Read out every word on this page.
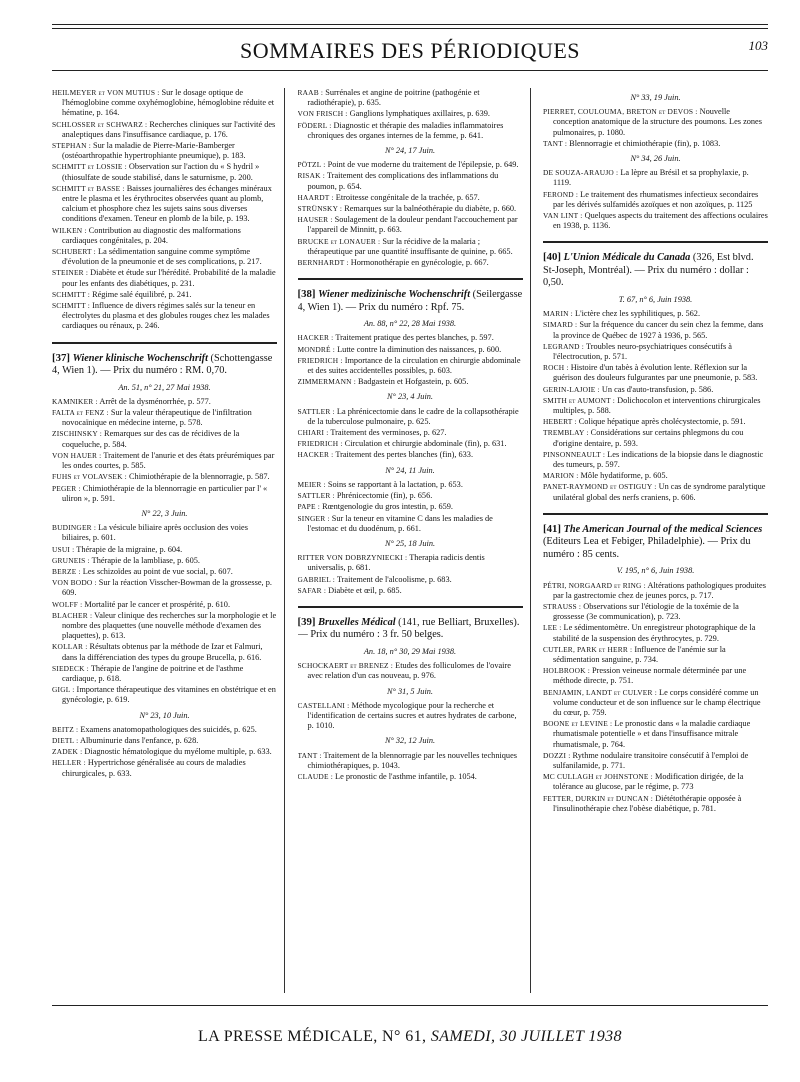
SOMMAIRES DES PÉRIODIQUES	103
HEILMEYER et VON MUTIUS : Sur le dosage optique de l'hémoglobine comme oxyhémoglobine, hémoglobine réduite et hématine, p. 164.
SCHLOSSER et SCHWARZ : Recherches cliniques sur l'activité des analeptiques dans l'insuffisance cardiaque, p. 176.
STEPHAN : Sur la maladie de Pierre-Marie-Bamberger (ostéoarthropathie hypertrophiante pneumique), p. 183.
SCHMITT et LOSSIE : Observation sur l'action du « S hydril » (thiosulfate de soude stabilisé, dans le saturnisme, p. 200.
SCHMITT et BASSE : Baisses journalières des échanges minéraux entre le plasma et les érythrocites observées quant au plomb, calcium et phosphore chez les sujets sains sous diverses conditions d'examen. Teneur en plomb de la bile, p. 193.
WILKEN : Contribution au diagnostic des malformations cardiaques congénitales, p. 204.
SCHUBERT : La sédimentation sanguine comme symptôme d'évolution de la pneumonie et de ses complications, p. 217.
STEINER : Diabète et étude sur l'hérédité. Probabilité de la maladie pour les enfants des diabétiques, p. 231.
SCHMITT : Régime salé équilibré, p. 241.
SCHMITT : Influence de divers régimes salés sur la teneur en électrolytes du plasma et des globules rouges chez les malades cardiaques ou rénaux, p. 246.
[37] Wiener klinische Wochenschrift (Schottengasse 4, Wien 1). — Prix du numéro : RM. 0,70.
An. 51, n° 21, 27 Mai 1938.
KAMNIKER : Arrêt de la dysménorrhée, p. 577.
FALTA et FENZ : Sur la valeur thérapeutique de l'infiltration novocaïnique en médecine interne, p. 578.
ZISCHINSKY : Remarques sur des cas de récidives de la coqueluche, p. 584.
VON HAUER : Traitement de l'anurie et des états préurémiques par les ondes courtes, p. 585.
FUHS et VOLAVSEK : Chimiothérapie de la blennorragie, p. 587.
PEGER : Chimiothérapie de la blennorragie en particulier par l' « uliron », p. 591.
N° 22, 3 Juin.
BUDINGER : La vésicule biliaire après occlusion des voies biliaires, p. 601.
USUI : Thérapie de la migraine, p. 604.
GRUNEIS : Thérapie de la lambliase, p. 605.
BERZE : Les schizoïdes au point de vue social, p. 607.
VON BODO : Sur la réaction Visscher-Bowman de la grossesse, p. 609.
WOLFF : Mortalité par le cancer et prospérité, p. 610.
BLACHER : Valeur clinique des recherches sur la morphologie et le nombre des plaquettes (une nouvelle méthode d'examen des plaquettes), p. 613.
KOLLAR : Résultats obtenus par la méthode de Izar et Falmuri, dans la différenciation des types du groupe Brucella, p. 616.
SIEDECK : Thérapie de l'angine de poitrine et de l'asthme cardiaque, p. 618.
GIGL : Importance thérapeutique des vitamines en obstétrique et en gynécologie, p. 619.
N° 23, 10 Juin.
BEITZ : Examens anatomopathologiques des suicidés, p. 625.
DIETL : Albuminurie dans l'enfance, p. 628.
ZADEK : Diagnostic hématologique du myélome multiple, p. 633.
HELLER : Hypertrichose généralisée au cours de maladies chirurgicales, p. 633.
RAAB : Surrénales et angine de poitrine (pathogénie et radiothérapie), p. 635.
VON FRISCH : Ganglions lymphatiques axillaires, p. 639.
FÖDERL : Diagnostic et thérapie des maladies inflammatoires chroniques des organes internes de la femme, p. 641.
N° 24, 17 Juin.
PÖTZL : Point de vue moderne du traitement de l'épilepsie, p. 649.
RISAK : Traitement des complications des inflammations du poumon, p. 654.
HAARDT : Etroitesse congénitale de la trachée, p. 657.
STRÜNSKY : Remarques sur la balnéothérapie du diabète, p. 660.
HAUSER : Soulagement de la douleur pendant l'accouchement par l'appareil de Minnitt, p. 663.
BRUCKE et LONAUER : Sur la récidive de la malaria ; thérapeutique par une quantité insuffisante de quinine, p. 665.
BERNHARDT : Hormonothérapie en gynécologie, p. 667.
[38] Wiener medizinische Wochenschrift (Seilergasse 4, Wien 1). — Prix du numéro : Rpf. 75.
An. 88, n° 22, 28 Mai 1938.
HACKER : Traitement pratique des pertes blanches, p. 597.
MONDRÉ : Lutte contre la diminution des naissances, p. 600.
FRIEDRICH : Importance de la circulation en chirurgie abdominale et des suites accidentelles possibles, p. 603.
ZIMMERMANN : Badgastein et Hofgastein, p. 605.
N° 23, 4 Juin.
SATTLER : La phrénicectomie dans le cadre de la collapsothérapie de la tuberculose pulmonaire, p. 625.
CHIARI : Traitement des verminoses, p. 627.
FRIEDRICH : Circulation et chirurgie abdominale (fin), p. 631.
HACKER : Traitement des pertes blanches (fin), 633.
N° 24, 11 Juin.
MEIER : Soins se rapportant à la lactation, p. 653.
SATTLER : Phrénicectomie (fin), p. 656.
PAPE : Rœntgenologie du gros intestin, p. 659.
SINGER : Sur la teneur en vitamine C dans les maladies de l'estomac et du duodénum, p. 661.
N° 25, 18 Juin.
RITTER VON DOBRZYNIECKI : Therapia radicis dentis universalis, p. 681.
GABRIEL : Traitement de l'alcoolisme, p. 683.
SAFAR : Diabète et œil, p. 685.
[39] Bruxelles Médical (141, rue Belliart, Bruxelles). — Prix du numéro : 3 fr. 50 belges.
An. 18, n° 30, 29 Mai 1938.
SCHOCKAERT et BRENEZ : Etudes des folliculomes de l'ovaire avec relation d'un cas nouveau, p. 976.
N° 31, 5 Juin.
CASTELLANI : Méthode mycologique pour la recherche et l'identification de certains sucres et autres hydrates de carbone, p. 1010.
N° 32, 12 Juin.
TANT : Traitement de la blennorragie par les nouvelles techniques chimiothérapiques, p. 1043.
CLAUDE : Le pronostic de l'asthme infantile, p. 1054.
N° 33, 19 Juin.
PIERRET, COULOUMA, BRETON et DEVOS : Nouvelle conception anatomique de la structure des poumons. Les zones pulmonaires, p. 1080.
TANT : Blennorragie et chimiothérapie (fin), p. 1083.
N° 34, 26 Juin.
DE SOUZA-ARAUJO : La lèpre au Brésil et sa prophylaxie, p. 1119.
FEROND : Le traitement des rhumatismes infectieux secondaires par les dérivés sulfamidés azoïques et non azoïques, p. 1125
VAN LINT : Quelques aspects du traitement des affections oculaires en 1938, p. 1136.
[40] L'Union Médicale du Canada (326, Est blvd. St-Joseph, Montréal). — Prix du numéro : dollar : 0,50.
T. 67, n° 6, Juin 1938.
MARIN : L'ictère chez les syphilitiques, p. 562.
SIMARD : Sur la fréquence du cancer du sein chez la femme, dans la province de Québec de 1927 à 1936, p. 565.
LEGRAND : Troubles neuro-psychiatriques consécutifs à l'électrocution, p. 571.
ROCH : Histoire d'un tabès à évolution lente. Réflexion sur la guérison des douleurs fulgurantes par une pneumonie, p. 583.
GERIN-LAJOIE : Un cas d'auto-transfusion, p. 586.
SMITH et AUMONT : Dolichocolon et interventions chirurgicales multiples, p. 588.
HEBERT : Colique hépatique après cholécystectomie, p. 591.
TREMBLAY : Considérations sur certains phlegmons du cou d'origine dentaire, p. 593.
PINSONNEAULT : Les indications de la biopsie dans le diagnostic des tumeurs, p. 597.
MARION : Môle hydatiforme, p. 605.
PANET-RAYMOND et OSTIGUY : Un cas de syndrome paralytique unilatéral global des nerfs craniens, p. 606.
[41] The American Journal of the medical Sciences (Editeurs Lea et Febiger, Philadelphie). — Prix du numéro : 85 cents.
V. 195, n° 6, Juin 1938.
PÉTRI, NORGAARD et RING : Altérations pathologiques produites par la gastrectomie chez de jeunes porcs, p. 717.
STRAUSS : Observations sur l'étiologie de la toxémie de la grossesse (3e communication), p. 723.
LEE : Le sédimentomètre. Un enregistreur photographique de la stabilité de la suspension des érythrocytes, p. 729.
CUTLER, PARK et HERR : Influence de l'anémie sur la sédimentation sanguine, p. 734.
HOLBROOK : Pression veineuse normale déterminée par une méthode directe, p. 751.
BENJAMIN, LANDT et CULVER : Le corps considéré comme un volume conducteur et de son influence sur le champ électrique du cœur, p. 759.
BOONE et LEVINE : Le pronostic dans « la maladie cardiaque rhumatismale potentielle » et dans l'insuffisance mitrale rhumatismale, p. 764.
DOZZI : Rythme nodulaire transitoire consécutif à l'emploi de sulfanilamide, p. 771.
MC CULLAGH et JOHNSTONE : Modification dirigée, de la tolérance au glucose, par le régime, p. 773
FETTER, DURKIN et DUNCAN : Diététothérapie opposée à l'insulinothérapie chez l'obèse diabétique, p. 781.
LA PRESSE MÉDICALE, N° 61, SAMEDI, 30 JUILLET 1938
